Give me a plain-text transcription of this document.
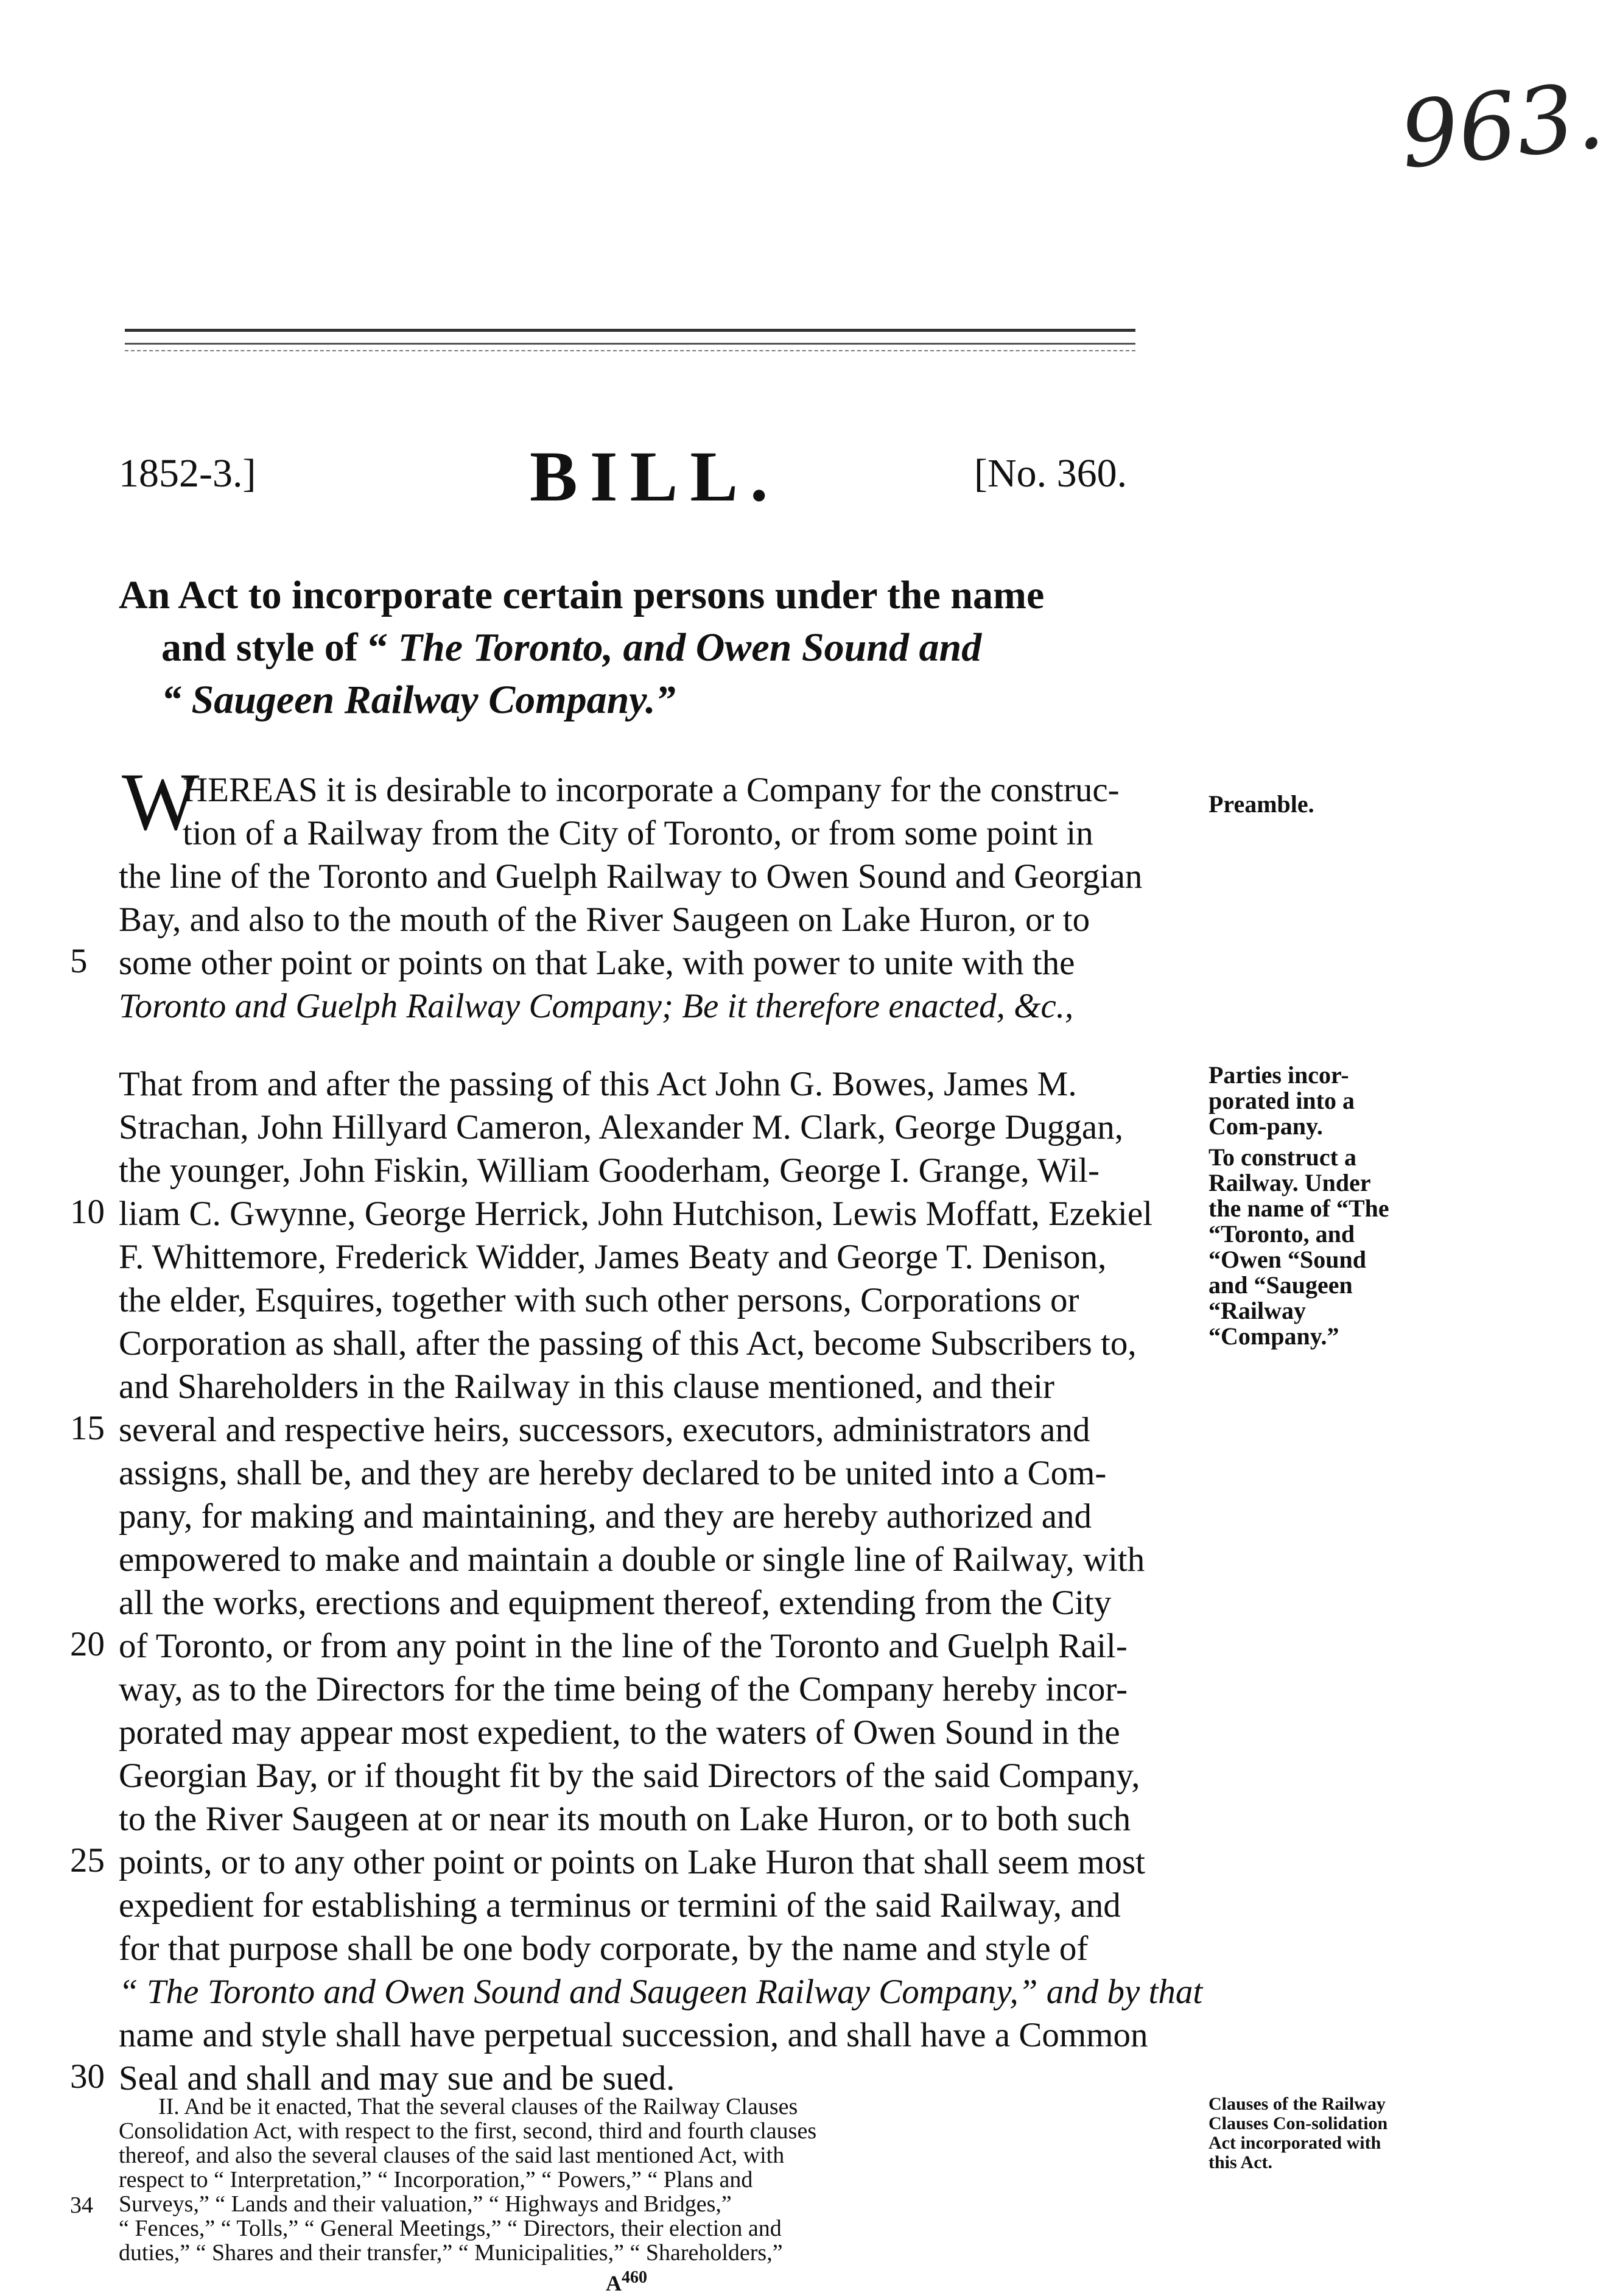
963.
1852-3.]	BILL.	[No. 360.
An Act to incorporate certain persons under the name
and style of “ The Toronto, and Owen Sound and
“ Saugeen Railway Company.”
W
HEREAS it is desirable to incorporate a Company for the construc-
tion of a Railway from the City of Toronto, or from some point in
the line of the Toronto and Guelph Railway to Owen Sound and Georgian
Bay, and also to the mouth of the River Saugeen on Lake Huron, or to
some other point or points on that Lake, with power to unite with the
Toronto and Guelph Railway Company; Be it therefore enacted, &c.,
Preamble.
That from and after the passing of this Act John G. Bowes, James M.
Strachan, John Hillyard Cameron, Alexander M. Clark, George Duggan,
the younger, John Fiskin, William Gooderham, George I. Grange, Wil-
liam C. Gwynne, George Herrick, John Hutchison, Lewis Moffatt, Ezekiel
F. Whittemore, Frederick Widder, James Beaty and George T. Denison,
the elder, Esquires, together with such other persons, Corporations or
Corporation as shall, after the passing of this Act, become Subscribers to,
and Shareholders in the Railway in this clause mentioned, and their
several and respective heirs, successors, executors, administrators and
assigns, shall be, and they are hereby declared to be united into a Com-
pany, for making and maintaining, and they are hereby authorized and
empowered to make and maintain a double or single line of Railway, with
all the works, erections and equipment thereof, extending from the City
of Toronto, or from any point in the line of the Toronto and Guelph Rail-
way, as to the Directors for the time being of the Company hereby incor-
porated may appear most expedient, to the waters of Owen Sound in the
Georgian Bay, or if thought fit by the said Directors of the said Company,
to the River Saugeen at or near its mouth on Lake Huron, or to both such
points, or to any other point or points on Lake Huron that shall seem most
expedient for establishing a terminus or termini of the said Railway, and
for that purpose shall be one body corporate, by the name and style of
“ The Toronto and Owen Sound and Saugeen Railway Company,” and by that
name and style shall have perpetual succession, and shall have a Common
Seal and shall and may sue and be sued.
Parties incor-porated into a Com-pany.
To construct a Railway. Under the name of “The “Toronto, and “Owen “Sound and “Saugeen “Railway “Company.”
II. And be it enacted, That the several clauses of the Railway Clauses
Consolidation Act, with respect to the first, second, third and fourth clauses
thereof, and also the several clauses of the said last mentioned Act, with
respect to “ Interpretation,” “ Incorporation,” “ Powers,” “ Plans and
Surveys,” “ Lands and their valuation,” “ Highways and Bridges,”
“ Fences,” “ Tolls,” “ General Meetings,” “ Directors, their election and
duties,” “ Shares and their transfer,” “ Municipalities,” “ Shareholders,”
Clauses of the Railway Clauses Con-solidation Act incorporated with this Act.
5
10
15
20
25
30
34
$A^{460}$
